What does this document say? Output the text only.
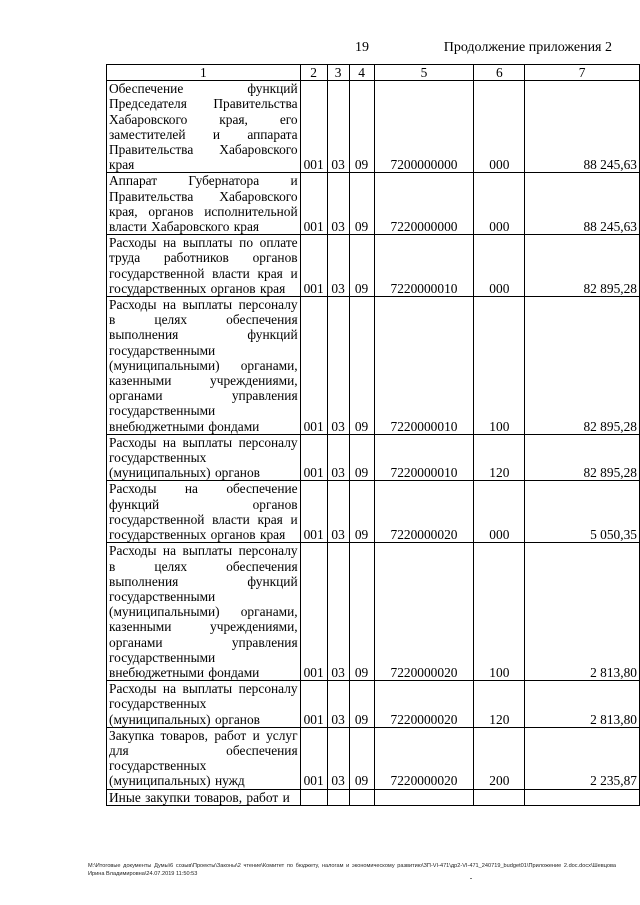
19	Продолжение приложения 2
1	2	3	4	5	6	7
Обеспечение функций Председателя Правительства Хабаровского края, его заместителей и аппарата Правительства Хабаровского края	001	03	09	7200000000	000	88 245,63
Аппарат Губернатора и Правительства Хабаровского края, органов исполнительной власти Хабаровского края	001	03	09	7220000000	000	88 245,63
Расходы на выплаты по оплате труда работников органов государственной власти края и государственных органов края	001	03	09	7220000010	000	82 895,28
Расходы на выплаты персоналу в целях обеспечения выполнения функций государственными (муниципальными) органами, казенными учреждениями, органами управления государственными внебюджетными фондами	001	03	09	7220000010	100	82 895,28
Расходы на выплаты персоналу государственных (муниципальных) органов	001	03	09	7220000010	120	82 895,28
Расходы на обеспечение функций органов государственной власти края и государственных органов края	001	03	09	7220000020	000	5 050,35
Расходы на выплаты персоналу в целях обеспечения выполнения функций государственными (муниципальными) органами, казенными учреждениями, органами управления государственными внебюджетными фондами	001	03	09	7220000020	100	2 813,80
Расходы на выплаты персоналу государственных (муниципальных) органов	001	03	09	7220000020	120	2 813,80
Закупка товаров, работ и услуг для обеспечения государственных (муниципальных) нужд	001	03	09	7220000020	200	2 235,87
Иные закупки товаров, работ и						
M:\Итоговые документы Думы\6 созыв\Проекты\Законы\2 чтение\Комитет по бюджету, налогам и экономическому развитию\ЗП-VI-471\др2-VI-471_240719_budget01\Приложение 2.doc.docx\Шевцова Ирина Владимировна\24.07.2019 11:50:53
